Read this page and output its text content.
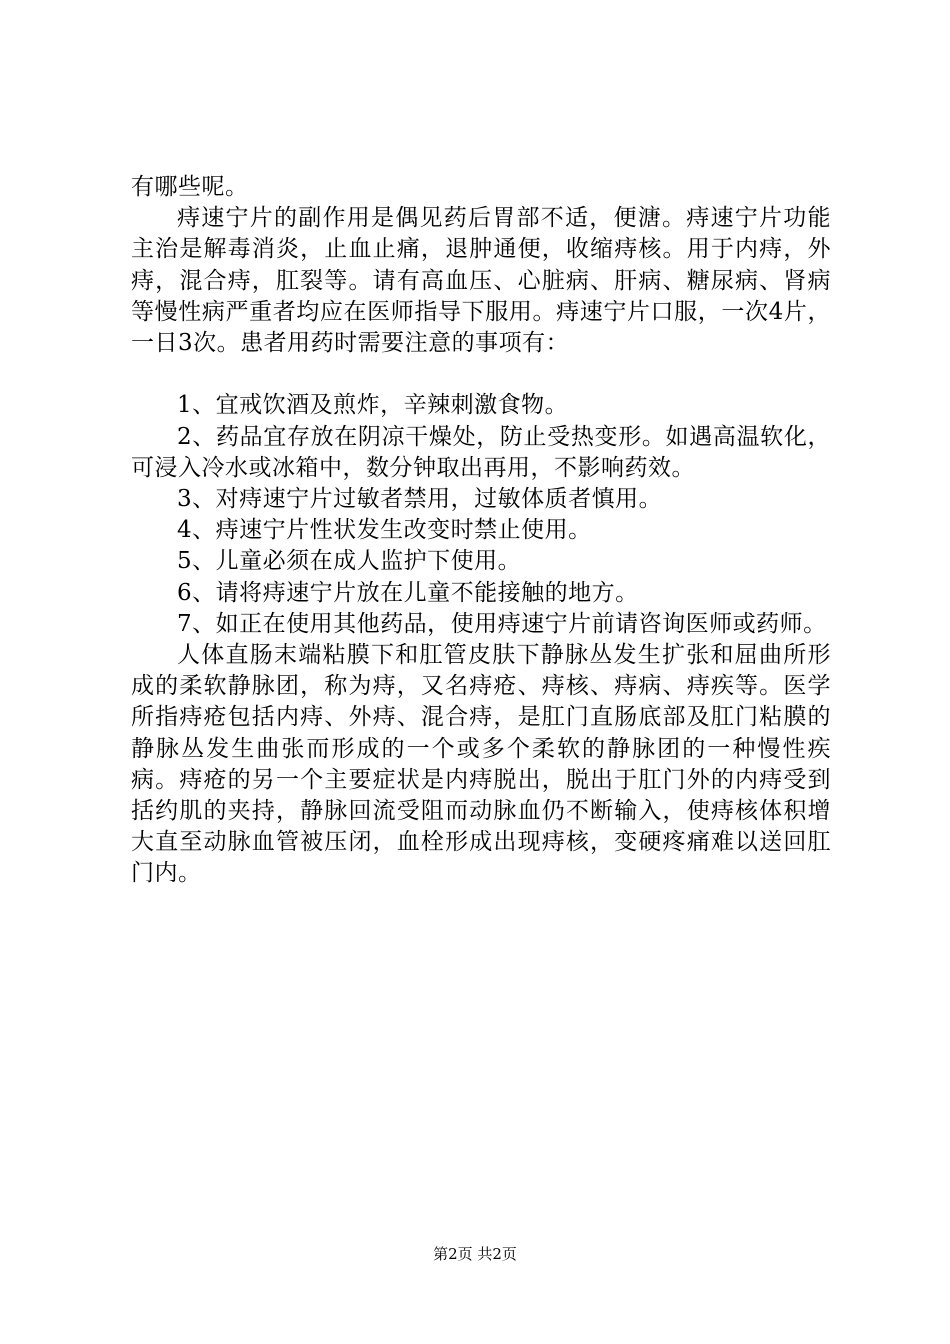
有哪些呢。

痔速宁片的副作用是偶见药后胃部不适，便溏。痔速宁片功能主治是解毒消炎，止血止痛，退肿通便，收缩痔核。用于内痔，外痔，混合痔，肛裂等。请有高血压、心脏病、肝病、糖尿病、肾病等慢性病严重者均应在医师指导下服用。痔速宁片口服，一次4片，一日3次。患者用药时需要注意的事项有：

1、宜戒饮酒及煎炸，辛辣刺激食物。

2、药品宜存放在阴凉干燥处，防止受热变形。如遇高温软化，可浸入冷水或冰箱中，数分钟取出再用，不影响药效。

3、对痔速宁片过敏者禁用，过敏体质者慎用。

4、痔速宁片性状发生改变时禁止使用。

5、儿童必须在成人监护下使用。

6、请将痔速宁片放在儿童不能接触的地方。

7、如正在使用其他药品，使用痔速宁片前请咨询医师或药师。

人体直肠末端粘膜下和肛管皮肤下静脉丛发生扩张和屈曲所形成的柔软静脉团，称为痔，又名痔疮、痔核、痔病、痔疾等。医学所指痔疮包括内痔、外痔、混合痔，是肛门直肠底部及肛门粘膜的静脉丛发生曲张而形成的一个或多个柔软的静脉团的一种慢性疾病。痔疮的另一个主要症状是内痔脱出，脱出于肛门外的内痔受到括约肌的夹持，静脉回流受阻而动脉血仍不断输入，使痔核体积增大直至动脉血管被压闭，血栓形成出现痔核，变硬疼痛难以送回肛门内。

第2页 共2页
